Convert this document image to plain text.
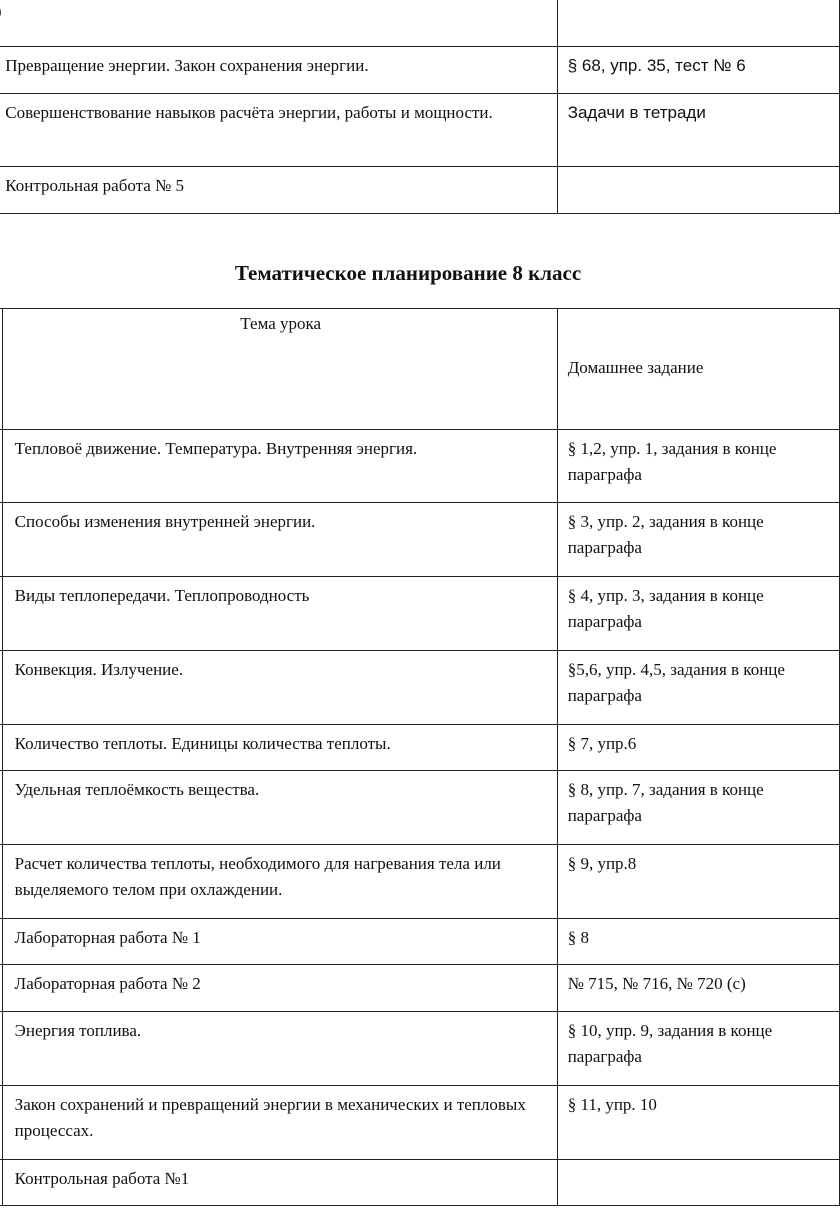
	Превращение энергии. Закон сохранения энергии.	§ 68, упр. 35, тест № 6
	Совершенствование навыков расчёта энергии, работы и мощности.	Задачи в тетради
	Контрольная работа № 5	
Тематическое планирование 8 класс
	Тема урока	Домашнее задание
	Тепловоё движение. Температура. Внутренняя энергия.	§ 1,2, упр. 1, задания в конце параграфа
	Способы изменения внутренней энергии.	§ 3, упр. 2, задания в конце параграфа
	Виды теплопередачи. Теплопроводность	§ 4, упр. 3, задания в конце параграфа
	Конвекция. Излучение.	§5,6, упр. 4,5, задания в конце параграфа
	Количество теплоты. Единицы количества теплоты.	§ 7, упр.6
	Удельная теплоёмкость вещества.	§ 8, упр. 7, задания в конце параграфа
	Расчет количества теплоты, необходимого для нагревания тела или выделяемого телом при охлаждении.	§ 9, упр.8
	Лабораторная работа № 1	§ 8
	Лабораторная работа № 2	№ 715, № 716, № 720 (с)
	Энергия топлива.	§ 10, упр. 9, задания в конце параграфа
	Закон сохранений и превращений энергии в механических и тепловых процессах.	§ 11, упр. 10
	Контрольная работа №1	
